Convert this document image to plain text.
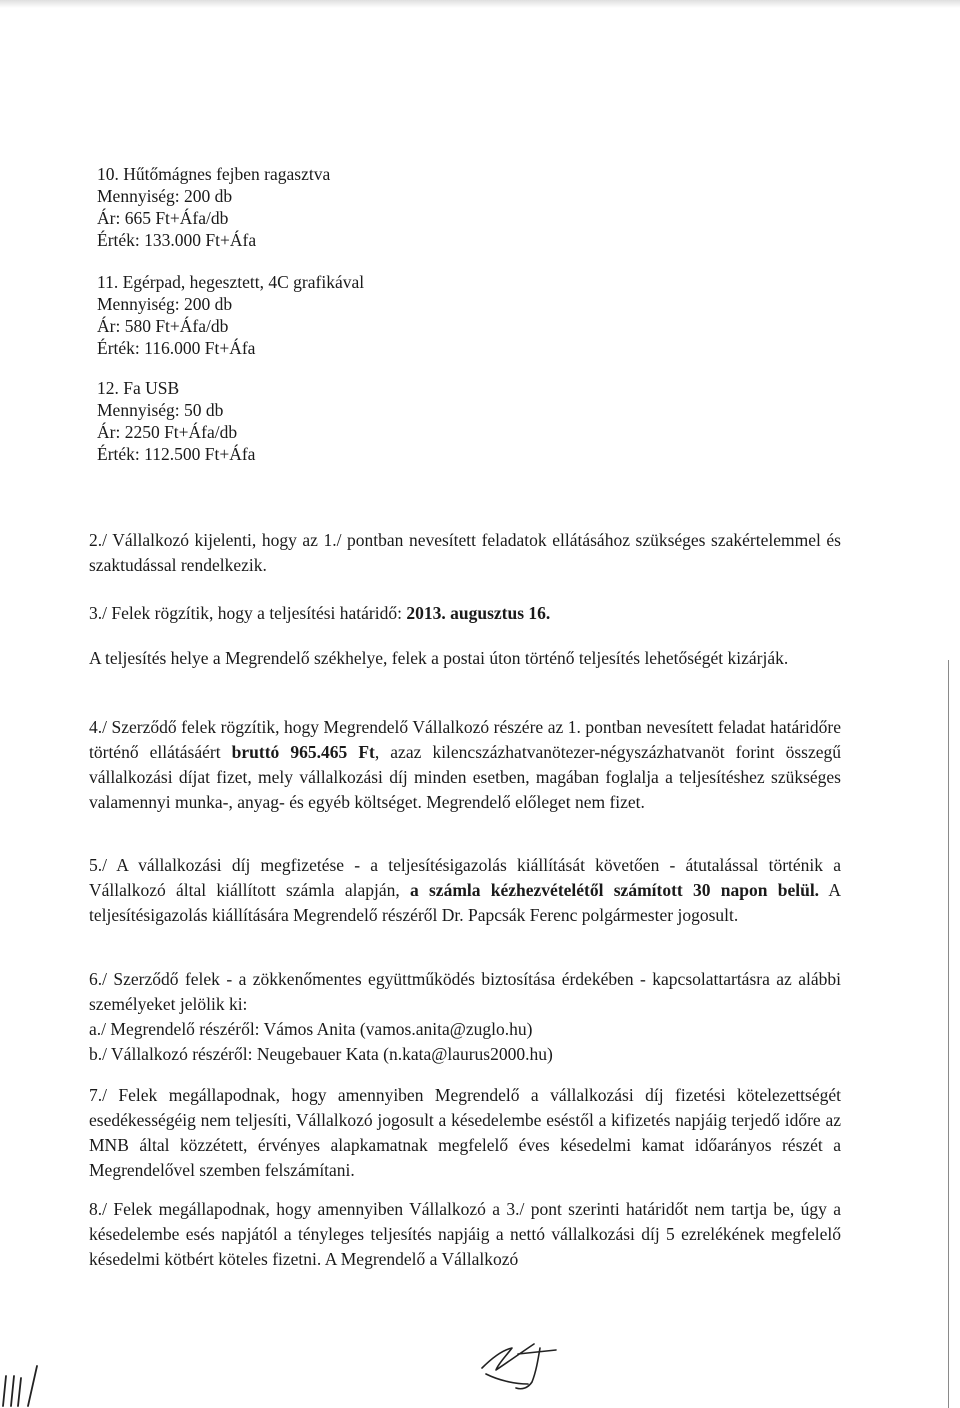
10. Hűtőmágnes fejben ragasztva
Mennyiség: 200 db
Ár: 665 Ft+Áfa/db
Érték: 133.000 Ft+Áfa
11. Egérpad, hegesztett, 4C grafikával
Mennyiség: 200 db
Ár: 580 Ft+Áfa/db
Érték: 116.000 Ft+Áfa
12. Fa USB
Mennyiség: 50 db
Ár: 2250 Ft+Áfa/db
Érték: 112.500 Ft+Áfa
2./ Vállalkozó kijelenti, hogy az 1./ pontban nevesített feladatok ellátásához szükséges szakértelemmel és szaktudással rendelkezik.
3./ Felek rögzítik, hogy a teljesítési határidő: 2013. augusztus 16.
A teljesítés helye a Megrendelő székhelye, felek a postai úton történő teljesítés lehetőségét kizárják.
4./ Szerződő felek rögzítik, hogy Megrendelő Vállalkozó részére az 1. pontban nevesített feladat határidőre történő ellátásáért bruttó 965.465 Ft, azaz kilencszázhatvanötezer-négyszázhatvanöt forint összegű vállalkozási díjat fizet, mely vállalkozási díj minden esetben, magában foglalja a teljesítéshez szükséges valamennyi munka-, anyag- és egyéb költséget. Megrendelő előleget nem fizet.
5./ A vállalkozási díj megfizetése - a teljesítésigazolás kiállítását követően - átutalással történik a Vállalkozó által kiállított számla alapján, a számla kézhezvételétől számított 30 napon belül. A teljesítésigazolás kiállítására Megrendelő részéről Dr. Papcsák Ferenc polgármester jogosult.
6./ Szerződő felek - a zökkenőmentes együttműködés biztosítása érdekében - kapcsolattartásra az alábbi személyeket jelölik ki:
a./ Megrendelő részéről: Vámos Anita (vamos.anita@zuglo.hu)
b./ Vállalkozó részéről: Neugebauer Kata (n.kata@laurus2000.hu)
7./ Felek megállapodnak, hogy amennyiben Megrendelő a vállalkozási díj fizetési kötelezettségét esedékességéig nem teljesíti, Vállalkozó jogosult a késedelembe eséstől a kifizetés napjáig terjedő időre az MNB által közzétett, érvényes alapkamatnak megfelelő éves késedelmi kamat időarányos részét a Megrendelővel szemben felszámítani.
8./ Felek megállapodnak, hogy amennyiben Vállalkozó a 3./ pont szerinti határidőt nem tartja be, úgy a késedelembe esés napjától a tényleges teljesítés napjáig a nettó vállalkozási díj 5 ezrelékének megfelelő késedelmi kötbért köteles fizetni. A Megrendelő a Vállalkozó
